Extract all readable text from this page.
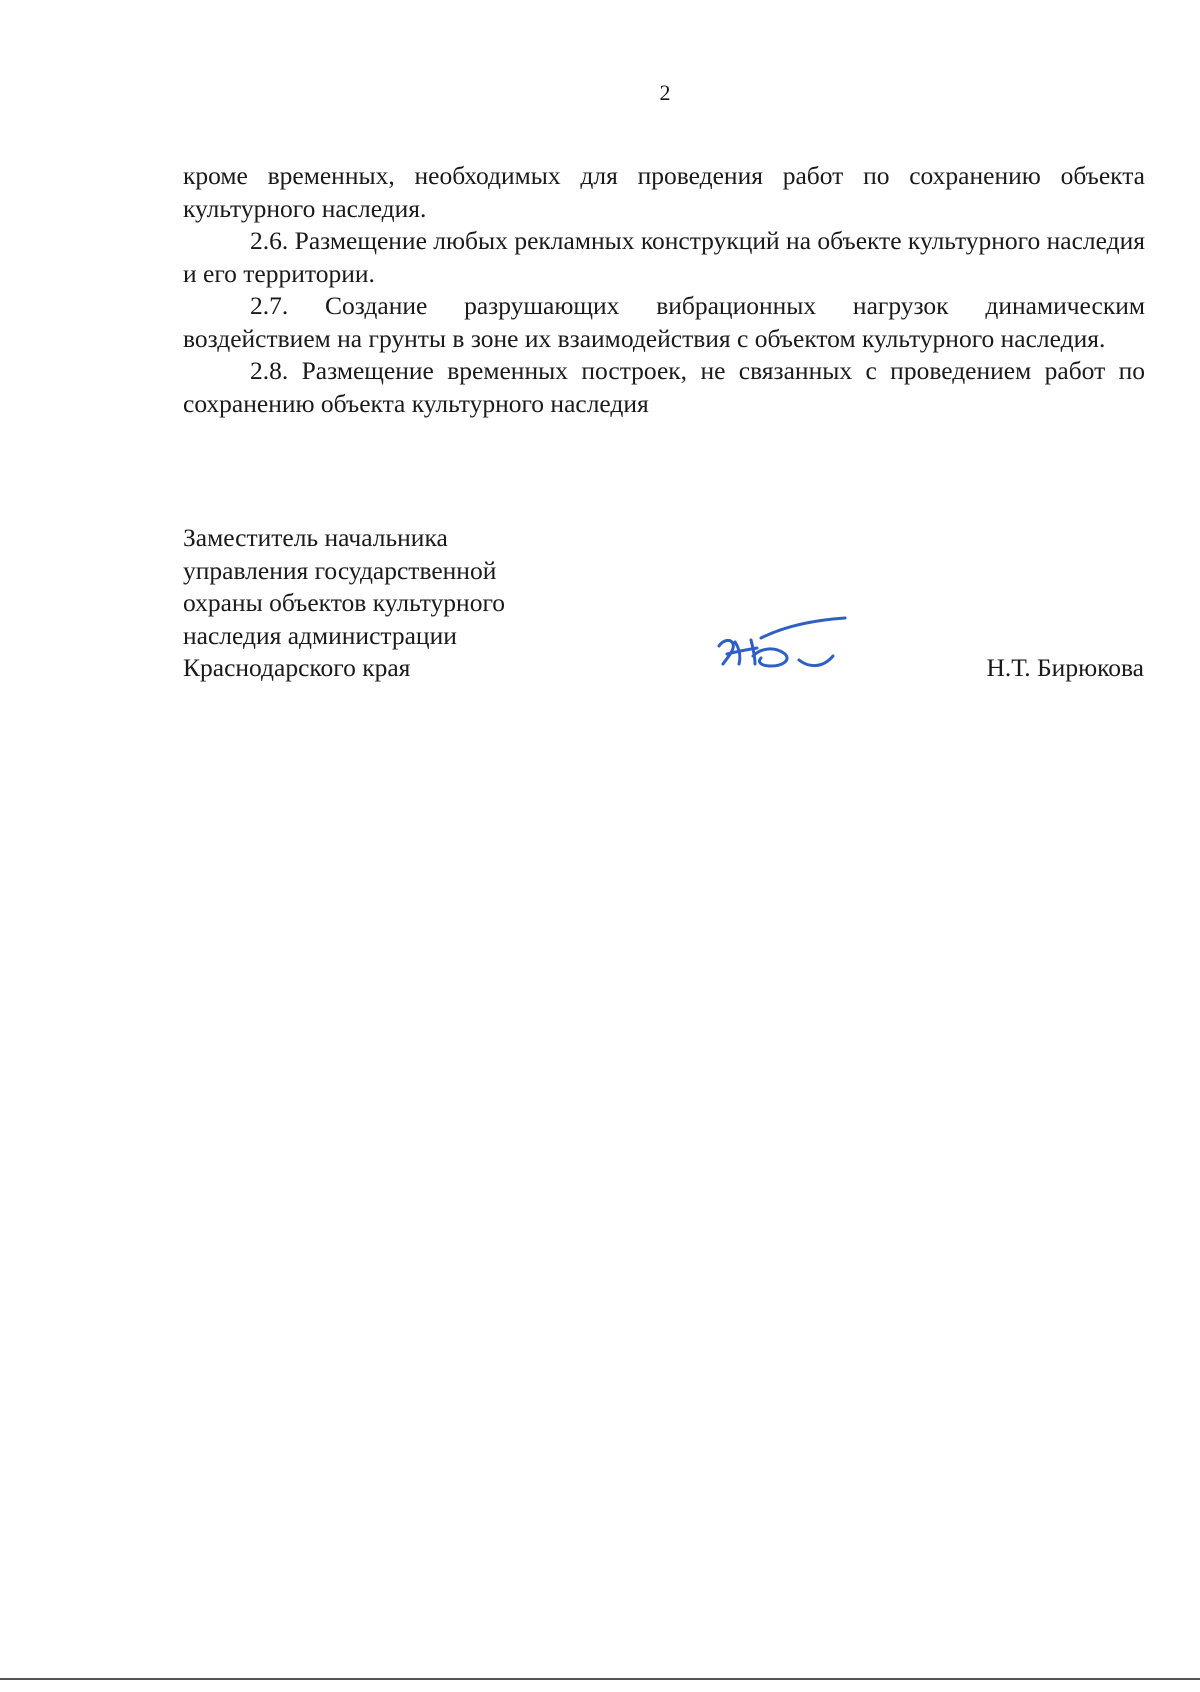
2

кроме временных, необходимых для проведения работ по сохранению объекта культурного наследия.

2.6. Размещение любых рекламных конструкций на объекте культурного наследия и его территории.

2.7. Создание разрушающих вибрационных нагрузок динамическим воздействием на грунты в зоне их взаимодействия с объектом культурного наследия.

2.8. Размещение временных построек, не связанных с проведением работ по сохранению объекта культурного наследия

Заместитель начальника
управления государственной
охраны объектов культурного
наследия администрации
Краснодарского края	Н.Т. Бирюкова
